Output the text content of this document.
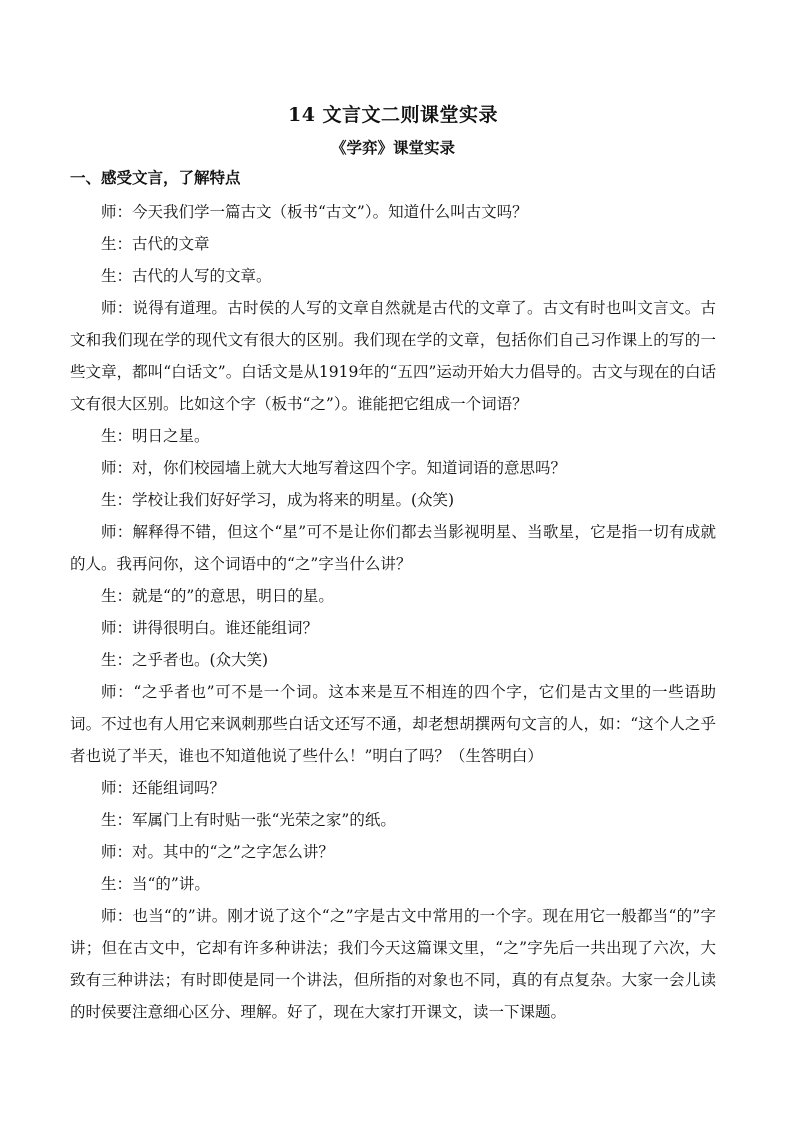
14 文言文二则课堂实录
《学弈》课堂实录
一、感受文言，了解特点

师：今天我们学一篇古文（板书“古文”）。知道什么叫古文吗？

生：古代的文章

生：古代的人写的文章。

师：说得有道理。古时侯的人写的文章自然就是古代的文章了。古文有时也叫文言文。古文和我们现在学的现代文有很大的区别。我们现在学的文章，包括你们自己习作课上的写的一些文章，都叫“白话文”。白话文是从1919年的“五四”运动开始大力倡导的。古文与现在的白话文有很大区别。比如这个字（板书“之”）。谁能把它组成一个词语？

生：明日之星。

师：对，你们校园墙上就大大地写着这四个字。知道词语的意思吗？

生：学校让我们好好学习，成为将来的明星。(众笑)

师：解释得不错，但这个“星”可不是让你们都去当影视明星、当歌星，它是指一切有成就的人。我再问你，这个词语中的“之”字当什么讲？

生：就是“的”的意思，明日的星。

师：讲得很明白。谁还能组词？

生：之乎者也。(众大笑)

师：“之乎者也”可不是一个词。这本来是互不相连的四个字，它们是古文里的一些语助词。不过也有人用它来讽刺那些白话文还写不通，却老想胡撰两句文言的人，如：“这个人之乎者也说了半天，谁也不知道他说了些什么！”明白了吗？（生答明白）

师：还能组词吗？

生：军属门上有时贴一张“光荣之家”的纸。

师：对。其中的“之”之字怎么讲？

生：当“的”讲。

师：也当“的”讲。刚才说了这个“之”字是古文中常用的一个字。现在用它一般都当“的”字讲；但在古文中，它却有许多种讲法；我们今天这篇课文里，“之”字先后一共出现了六次，大致有三种讲法；有时即使是同一个讲法，但所指的对象也不同，真的有点复杂。大家一会儿读的时侯要注意细心区分、理解。好了，现在大家打开课文，读一下课题。
